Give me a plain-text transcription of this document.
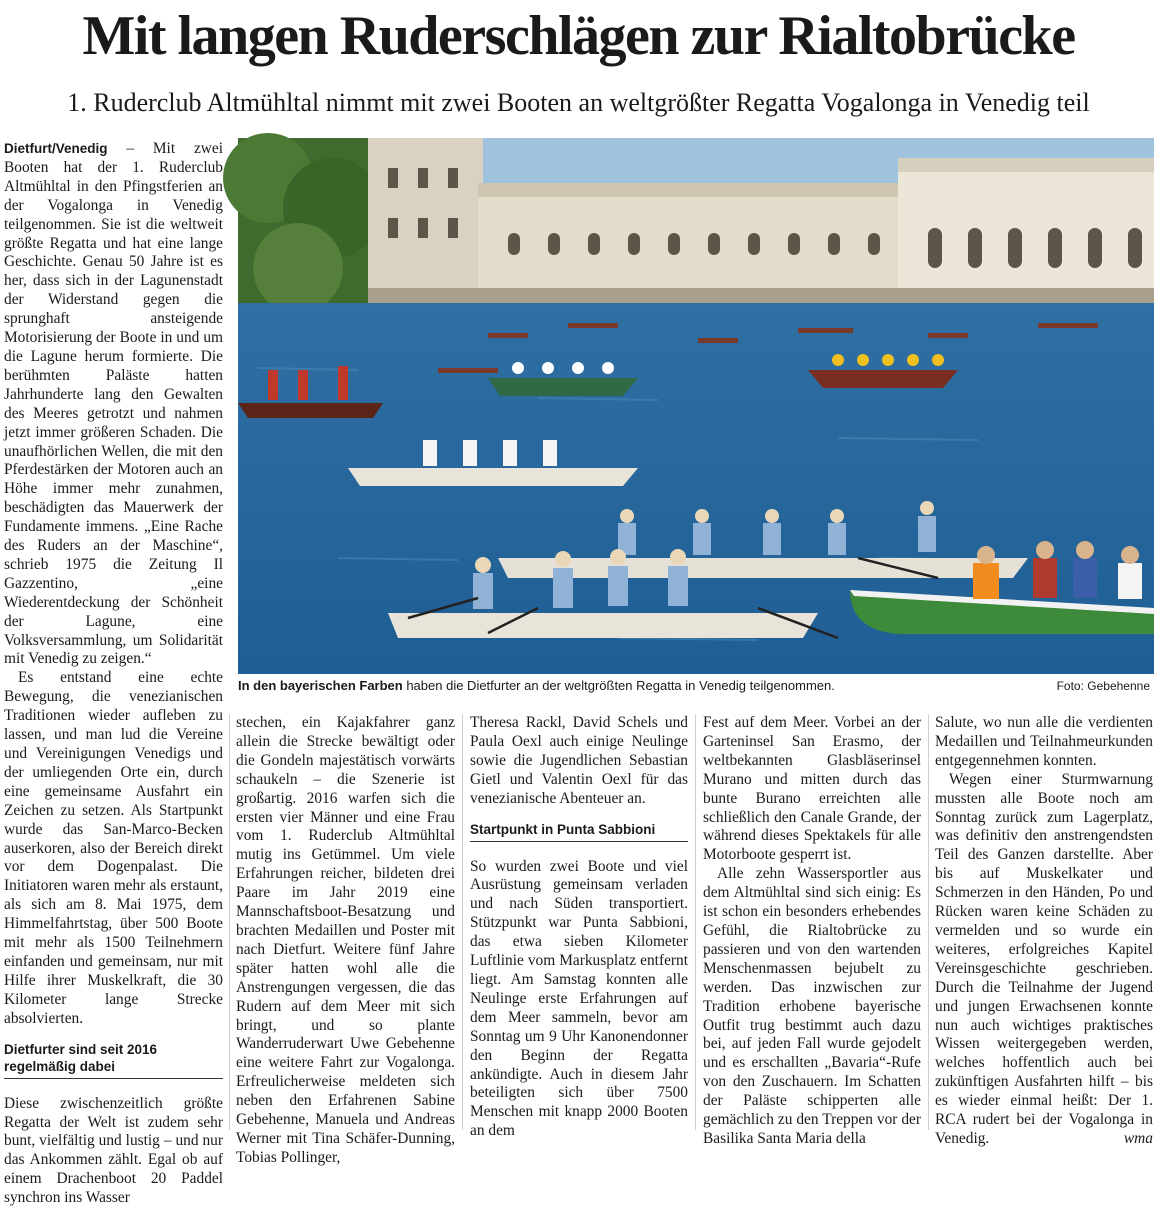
Mit langen Ruderschlägen zur Rialtobrücke
1. Ruderclub Altmühltal nimmt mit zwei Booten an weltgrößter Regatta Vogalonga in Venedig teil
In den bayerischen Farben haben die Dietfurter an der weltgrößten Regatta in Venedig teilgenommen.	Foto: Gebehenne

Dietfurt/Venedig – Mit zwei Booten hat der 1. Ruderclub Altmühltal in den Pfingstferien an der Vogalonga in Venedig teilgenommen. Sie ist die weltweit größte Regatta und hat eine lange Geschichte. Genau 50 Jahre ist es her, dass sich in der Lagunenstadt der Widerstand gegen die sprunghaft ansteigende Motorisierung der Boote in und um die Lagune herum formierte. Die berühmten Paläste hatten Jahrhunderte lang den Gewalten des Meeres getrotzt und nahmen jetzt immer größeren Schaden. Die unaufhörlichen Wellen, die mit den Pferdestärken der Motoren auch an Höhe immer mehr zunahmen, beschädigten das Mauerwerk der Fundamente immens. „Eine Rache des Ruders an der Maschine“, schrieb 1975 die Zeitung Il Gazzentino, „eine Wiederentdeckung der Schönheit der Lagune, eine Volksversammlung, um Solidarität mit Venedig zu zeigen.“

Es entstand eine echte Bewegung, die venezianischen Traditionen wieder aufleben zu lassen, und man lud die Vereine und Vereinigungen Venedigs und der umliegenden Orte ein, durch eine gemeinsame Ausfahrt ein Zeichen zu setzen. Als Startpunkt wurde das San-Marco-Becken auserkoren, also der Bereich direkt vor dem Dogenpalast. Die Initiatoren waren mehr als erstaunt, als sich am 8. Mai 1975, dem Himmelfahrtstag, über 500 Boote mit mehr als 1500 Teilnehmern einfanden und gemeinsam, nur mit Hilfe ihrer Muskelkraft, die 30 Kilometer lange Strecke absolvierten.

Dietfurter sind seit 2016 regelmäßig dabei

Diese zwischenzeitlich größte Regatta der Welt ist zudem sehr bunt, vielfältig und lustig – und nur das Ankommen zählt. Egal ob auf einem Drachenboot 20 Paddel synchron ins Wasser

stechen, ein Kajakfahrer ganz allein die Strecke bewältigt oder die Gondeln majestätisch vorwärts schaukeln – die Szenerie ist großartig. 2016 warfen sich die ersten vier Männer und eine Frau vom 1. Ruderclub Altmühltal mutig ins Getümmel. Um viele Erfahrungen reicher, bildeten drei Paare im Jahr 2019 eine Mannschaftsboot-Besatzung und brachten Medaillen und Poster mit nach Dietfurt. Weitere fünf Jahre später hatten wohl alle die Anstrengungen vergessen, die das Rudern auf dem Meer mit sich bringt, und so plante Wanderruderwart Uwe Gebehenne eine weitere Fahrt zur Vogalonga. Erfreulicherweise meldeten sich neben den Erfahrenen Sabine Gebehenne, Manuela und Andreas Werner mit Tina Schäfer-Dunning, Tobias Pollinger,

Theresa Rackl, David Schels und Paula Oexl auch einige Neulinge sowie die Jugendlichen Sebastian Gietl und Valentin Oexl für das venezianische Abenteuer an.

Startpunkt in Punta Sabbioni

So wurden zwei Boote und viel Ausrüstung gemeinsam verladen und nach Süden transportiert. Stützpunkt war Punta Sabbioni, das etwa sieben Kilometer Luftlinie vom Markusplatz entfernt liegt. Am Samstag konnten alle Neulinge erste Erfahrungen auf dem Meer sammeln, bevor am Sonntag um 9 Uhr Kanonendonner den Beginn der Regatta ankündigte. Auch in diesem Jahr beteiligten sich über 7500 Menschen mit knapp 2000 Booten an dem

Fest auf dem Meer. Vorbei an der Garteninsel San Erasmo, der weltbekannten Glasbläserinsel Murano und mitten durch das bunte Burano erreichten alle schließlich den Canale Grande, der während dieses Spektakels für alle Motorboote gesperrt ist.

Alle zehn Wassersportler aus dem Altmühltal sind sich einig: Es ist schon ein besonders erhebendes Gefühl, die Rialtobrücke zu passieren und von den wartenden Menschenmassen bejubelt zu werden. Das inzwischen zur Tradition erhobene bayerische Outfit trug bestimmt auch dazu bei, auf jeden Fall wurde gejodelt und es erschallten „Bavaria“-Rufe von den Zuschauern. Im Schatten der Paläste schipperten alle gemächlich zu den Treppen vor der Basilika Santa Maria della

Salute, wo nun alle die verdienten Medaillen und Teilnahmeurkunden entgegennehmen konnten.

Wegen einer Sturmwarnung mussten alle Boote noch am Sonntag zurück zum Lagerplatz, was definitiv den anstrengendsten Teil des Ganzen darstellte. Aber bis auf Muskelkater und Schmerzen in den Händen, Po und Rücken waren keine Schäden zu vermelden und so wurde ein weiteres, erfolgreiches Kapitel Vereinsgeschichte geschrieben. Durch die Teilnahme der Jugend und jungen Erwachsenen konnte nun auch wichtiges praktisches Wissen weitergegeben werden, welches hoffentlich auch bei zukünftigen Ausfahrten hilft – bis es wieder einmal heißt: Der 1. RCA rudert bei der Vogalonga in Venedig.	wma
